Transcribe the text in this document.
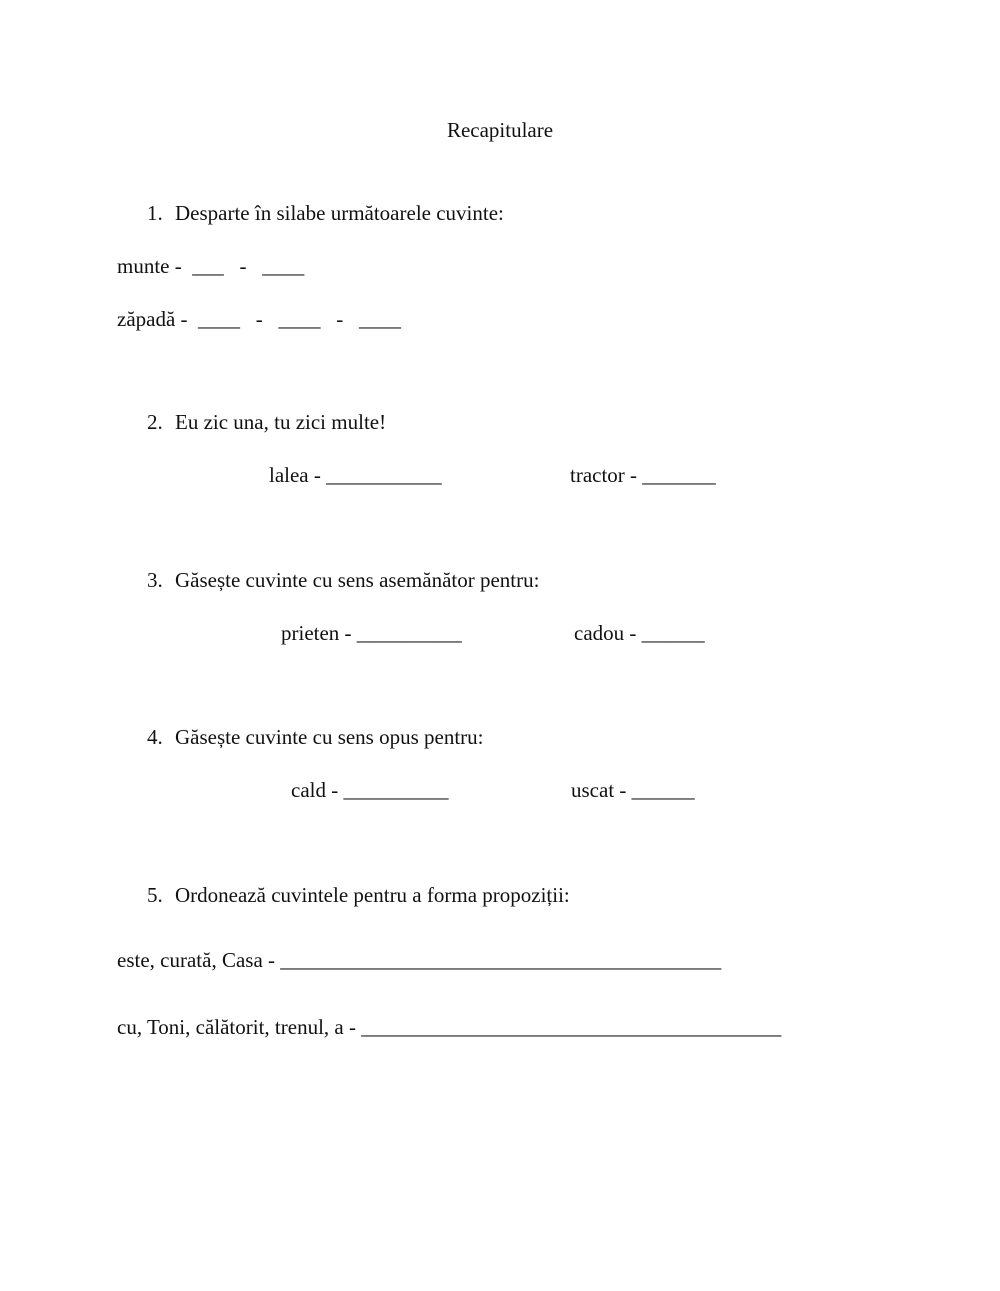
Recapitulare
1. Desparte în silabe următoarele cuvinte:
munte -  ___   -   ____
zăpadă -  ____   -   ____   -   ____
2. Eu zic una, tu zici multe!
lalea - ___________	tractor - _______
3. Găsește cuvinte cu sens asemănător pentru:
prieten - __________	cadou - ______
4. Găsește cuvinte cu sens opus pentru:
cald - __________	uscat - ______
5. Ordonează cuvintele pentru a forma propoziții:
este, curată, Casa - __________________________________________
cu, Toni, călătorit, trenul, a - ________________________________________
